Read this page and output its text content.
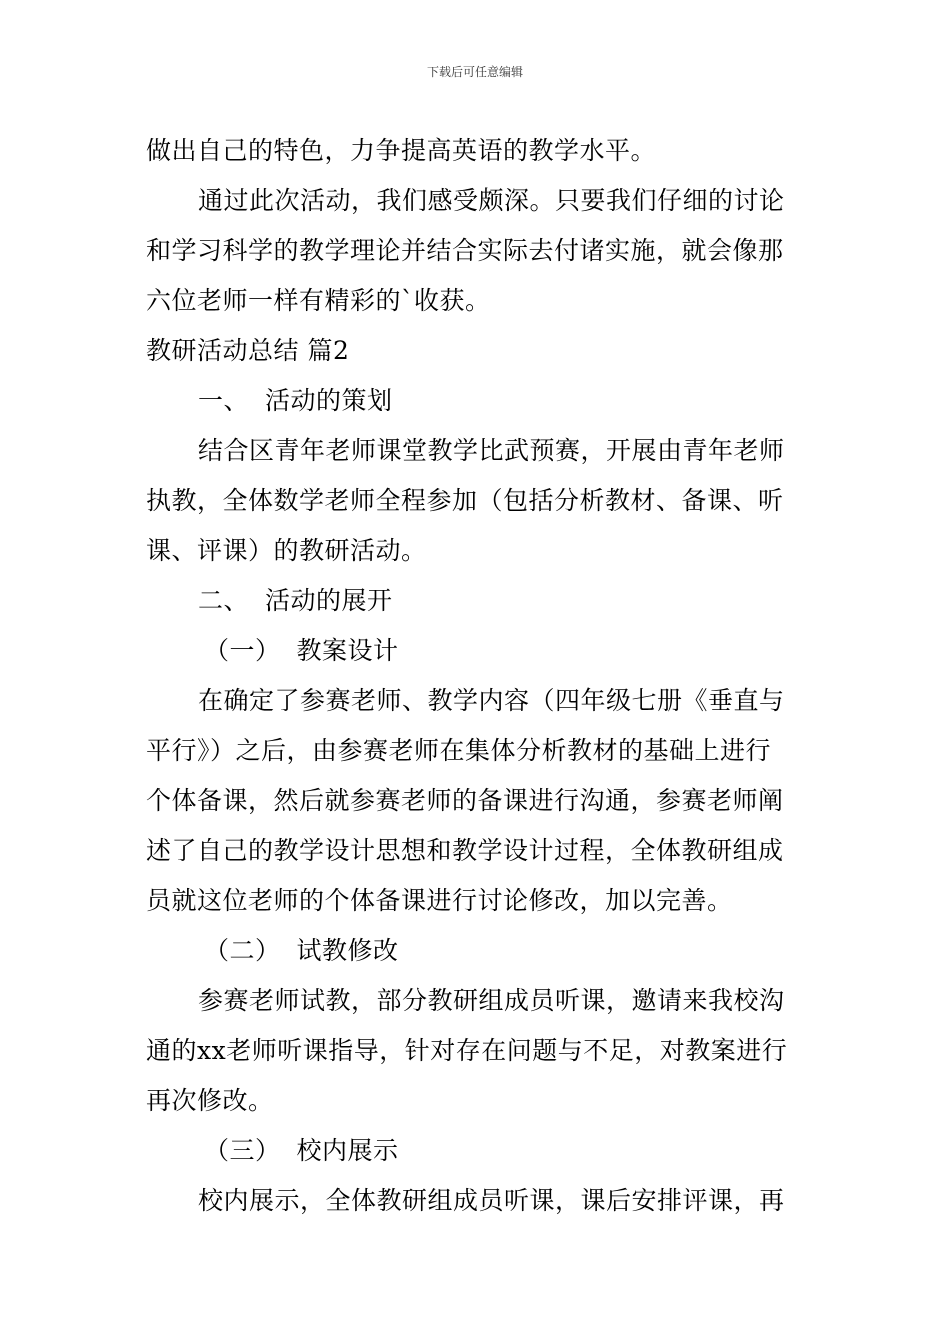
下载后可任意编辑
做出自己的特色，力争提高英语的教学水平。
通过此次活动，我们感受颇深。只要我们仔细的讨论
和学习科学的教学理论并结合实际去付诸实施，就会像那
六位老师一样有精彩的`收获。
教研活动总结 篇2
一、 活动的策划
结合区青年老师课堂教学比武预赛，开展由青年老师
执教，全体数学老师全程参加（包括分析教材、备课、听
课、评课）的教研活动。
二、 活动的展开
（一） 教案设计
在确定了参赛老师、教学内容（四年级七册《垂直与
平行》）之后，由参赛老师在集体分析教材的基础上进行
个体备课，然后就参赛老师的备课进行沟通，参赛老师阐
述了自己的教学设计思想和教学设计过程，全体教研组成
员就这位老师的个体备课进行讨论修改，加以完善。
（二） 试教修改
参赛老师试教，部分教研组成员听课，邀请来我校沟
通的xx老师听课指导，针对存在问题与不足，对教案进行
再次修改。
（三） 校内展示
校内展示，全体教研组成员听课，课后安排评课，再
